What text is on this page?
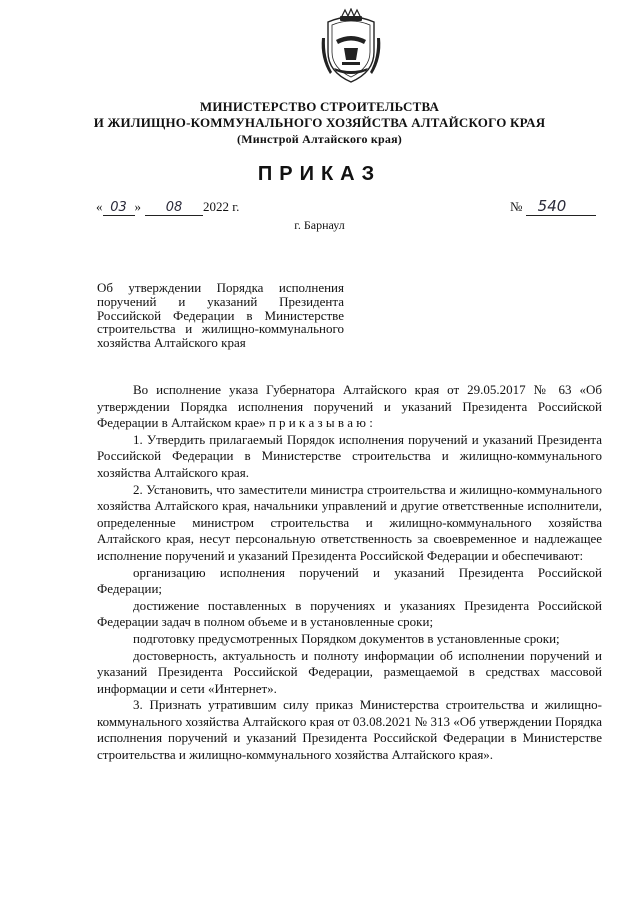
МИНИСТЕРСТВО СТРОИТЕЛЬСТВА
И ЖИЛИЩНО-КОММУНАЛЬНОГО ХОЗЯЙСТВА АЛТАЙСКОГО КРАЯ
(Минстрой Алтайского края)
ПРИКАЗ
« 03 » 08 2022 г.	№ 540
г. Барнаул
Об утверждении Порядка исполнения поручений и указаний Президента Российской Федерации в Министерстве строительства и жилищно-коммунального хозяйства Алтайского края

Во исполнение указа Губернатора Алтайского края от 29.05.2017 № 63 «Об утверждении Порядка исполнения поручений и указаний Президента Российской Федерации в Алтайском крае» п р и к а з ы в а ю :

1. Утвердить прилагаемый Порядок исполнения поручений и указаний Президента Российской Федерации в Министерстве строительства и жилищно-коммунального хозяйства Алтайского края.

2. Установить, что заместители министра строительства и жилищно-коммунального хозяйства Алтайского края, начальники управлений и другие ответственные исполнители, определенные министром строительства и жилищно-коммунального хозяйства Алтайского края, несут персональную ответственность за своевременное и надлежащее исполнение поручений и указаний Президента Российской Федерации и обеспечивают:

организацию исполнения поручений и указаний Президента Российской Федерации;

достижение поставленных в поручениях и указаниях Президента Российской Федерации задач в полном объеме и в установленные сроки;

подготовку предусмотренных Порядком документов в установленные сроки;

достоверность, актуальность и полноту информации об исполнении поручений и указаний Президента Российской Федерации, размещаемой в средствах массовой информации и сети «Интернет».

3. Признать утратившим силу приказ Министерства строительства и жилищно-коммунального хозяйства Алтайского края от 03.08.2021 № 313 «Об утверждении Порядка исполнения поручений и указаний Президента Российской Федерации в Министерстве строительства и жилищно-коммунального хозяйства Алтайского края».
